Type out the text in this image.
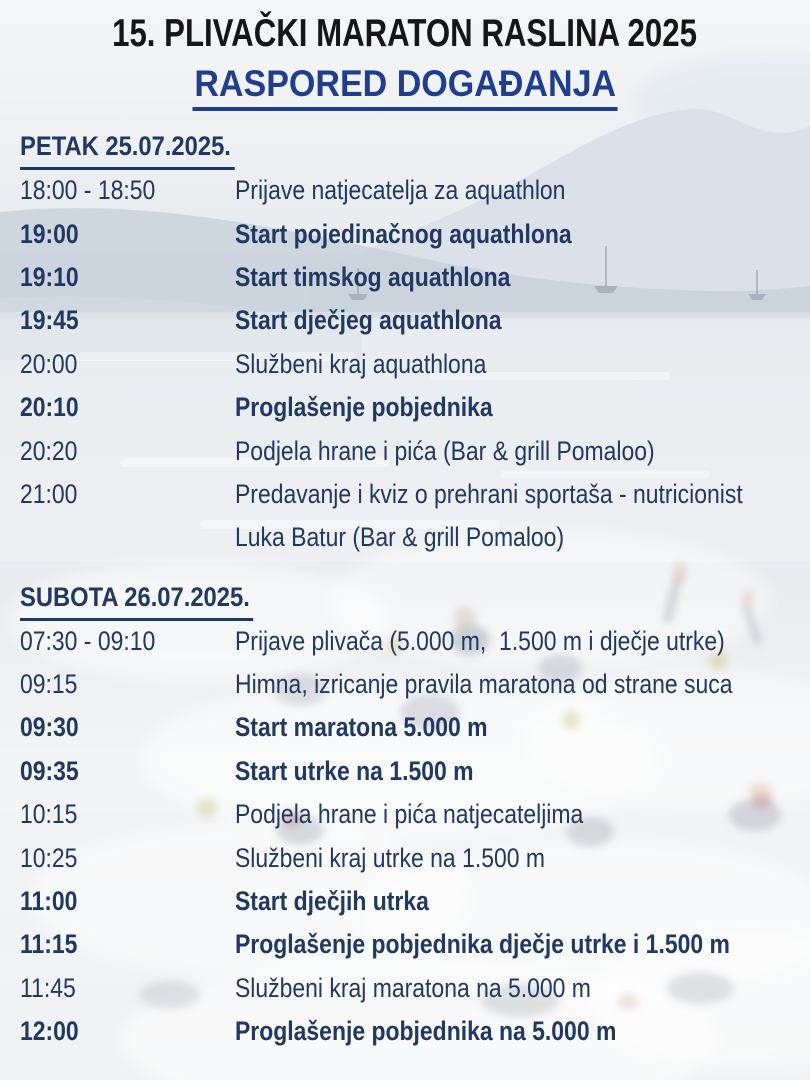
15. PLIVAČKI MARATON RASLINA 2025
RASPORED DOGAĐANJA
PETAK 25.07.2025.
18:00 - 18:50	Prijave natjecatelja za aquathlon
19:00	Start pojedinačnog aquathlona
19:10	Start timskog aquathlona
19:45	Start dječjeg aquathlona
20:00	Službeni kraj aquathlona
20:10	Proglašenje pobjednika
20:20	Podjela hrane i pića (Bar & grill Pomaloo)
21:00	Predavanje i kviz o prehrani sportaša - nutricionist
Luka Batur (Bar & grill Pomaloo)
SUBOTA 26.07.2025.
07:30 - 09:10	Prijave plivača (5.000 m,  1.500 m i dječje utrke)
09:15	Himna, izricanje pravila maratona od strane suca
09:30	Start maratona 5.000 m
09:35	Start utrke na 1.500 m
10:15	Podjela hrane i pića natjecateljima
10:25	Službeni kraj utrke na 1.500 m
11:00	Start dječjih utrka
11:15	Proglašenje pobjednika dječje utrke i 1.500 m
11:45	Službeni kraj maratona na 5.000 m
12:00	Proglašenje pobjednika na 5.000 m
